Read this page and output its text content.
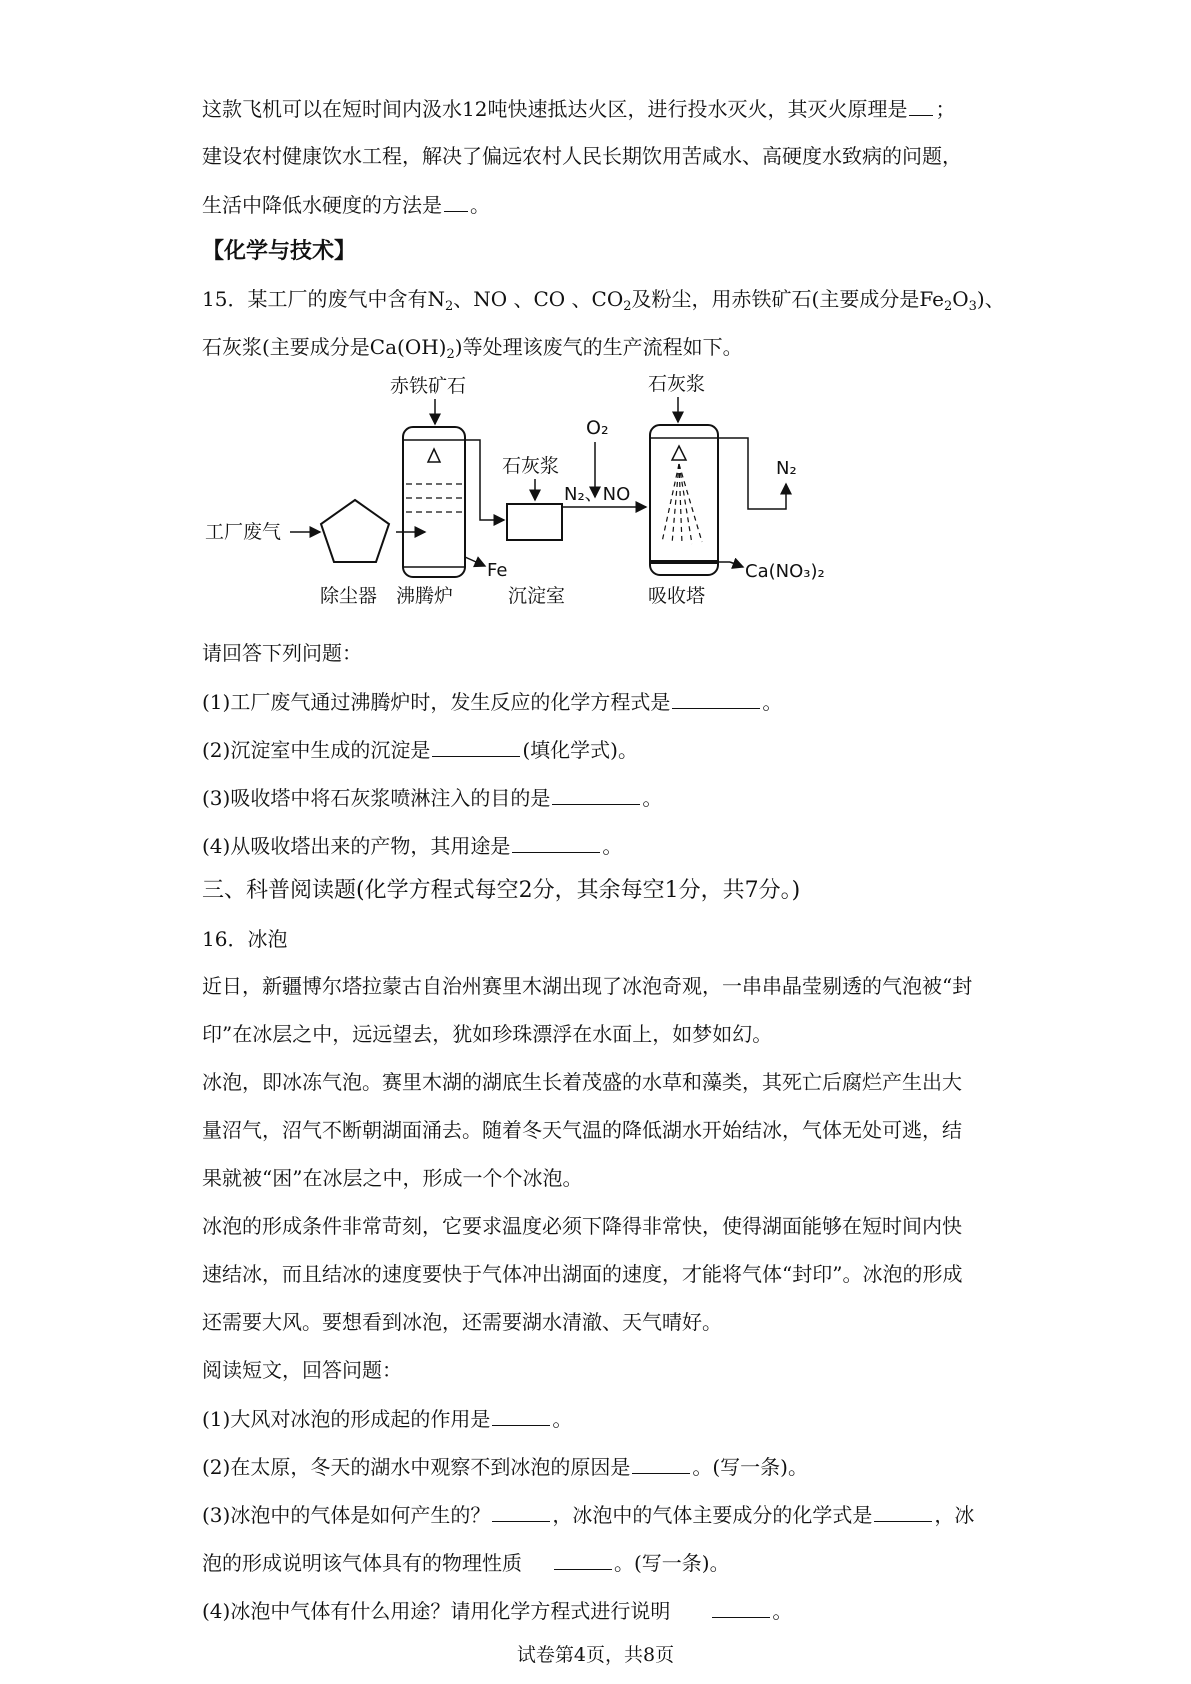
这款飞机可以在短时间内汲水12吨快速抵达火区，进行投水灭火，其灭火原理是 ；
建设农村健康饮水工程，解决了偏远农村人民长期饮用苦咸水、高硬度水致病的问题，
生活中降低水硬度的方法是 。
【化学与技术】
15．某工厂的废气中含有$N_2$、NO 、CO 、$CO_2$及粉尘，用赤铁矿石(主要成分是$Fe_2O_3$)、
石灰浆(主要成分是$Ca(OH)_2$)等处理该废气的生产流程如下。
工厂废气
除尘器
赤铁矿石
沸腾炉
Fe
石灰浆
沉淀室
O₂
N₂、NO
石灰浆
吸收塔
N₂
Ca(NO₃)₂
请回答下列问题：
(1)工厂废气通过沸腾炉时，发生反应的化学方程式是	。
(2)沉淀室中生成的沉淀是	(填化学式)。
(3)吸收塔中将石灰浆喷淋注入的目的是	。
(4)从吸收塔出来的产物，其用途是	。
三、科普阅读题(化学方程式每空2分，其余每空1分，共7分。)
16．冰泡
近日，新疆博尔塔拉蒙古自治州赛里木湖出现了冰泡奇观，一串串晶莹剔透的气泡被“封
印”在冰层之中，远远望去，犹如珍珠漂浮在水面上，如梦如幻。
冰泡，即冰冻气泡。赛里木湖的湖底生长着茂盛的水草和藻类，其死亡后腐烂产生出大
量沼气，沼气不断朝湖面涌去。随着冬天气温的降低湖水开始结冰，气体无处可逃，结
果就被“困”在冰层之中，形成一个个冰泡。
冰泡的形成条件非常苛刻，它要求温度必须下降得非常快，使得湖面能够在短时间内快
速结冰，而且结冰的速度要快于气体冲出湖面的速度，才能将气体“封印”。冰泡的形成
还需要大风。要想看到冰泡，还需要湖水清澈、天气晴好。
阅读短文，回答问题：
(1)大风对冰泡的形成起的作用是	。
(2)在太原，冬天的湖水中观察不到冰泡的原因是	。(写一条)。
(3)冰泡中的气体是如何产生的？	，冰泡中的气体主要成分的化学式是	，冰
泡的形成说明该气体具有的物理性质	。(写一条)。
(4)冰泡中气体有什么用途？请用化学方程式进行说明	。
试卷第4页，共8页
